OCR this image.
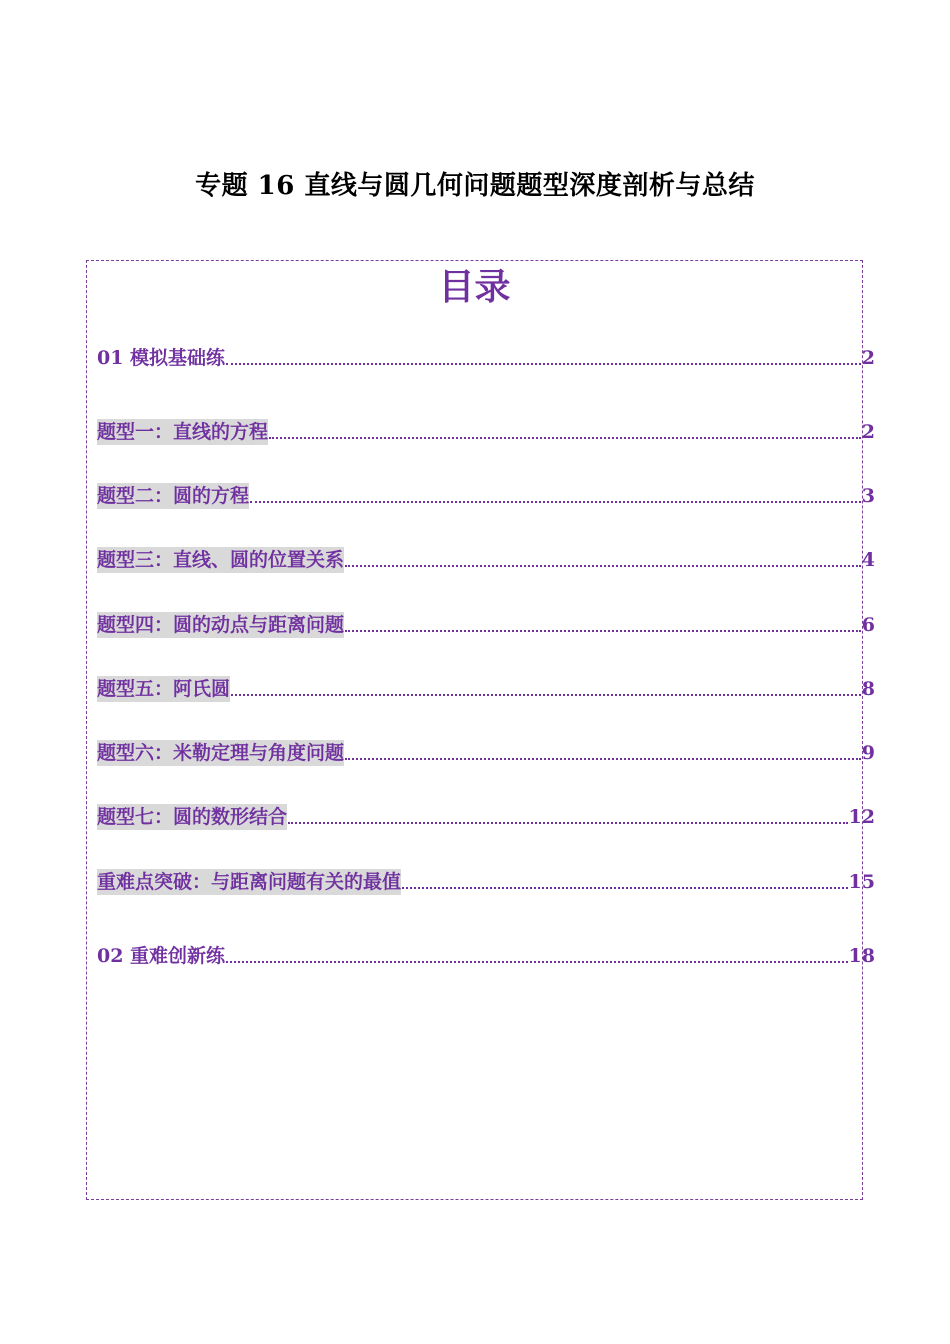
专题 16 直线与圆几何问题题型深度剖析与总结
目录
01 模拟基础练	2
题型一：直线的方程	2
题型二：圆的方程	3
题型三：直线、圆的位置关系	4
题型四：圆的动点与距离问题	6
题型五：阿氏圆	8
题型六：米勒定理与角度问题	9
题型七：圆的数形结合	12
重难点突破：与距离问题有关的最值	15
02 重难创新练	18
